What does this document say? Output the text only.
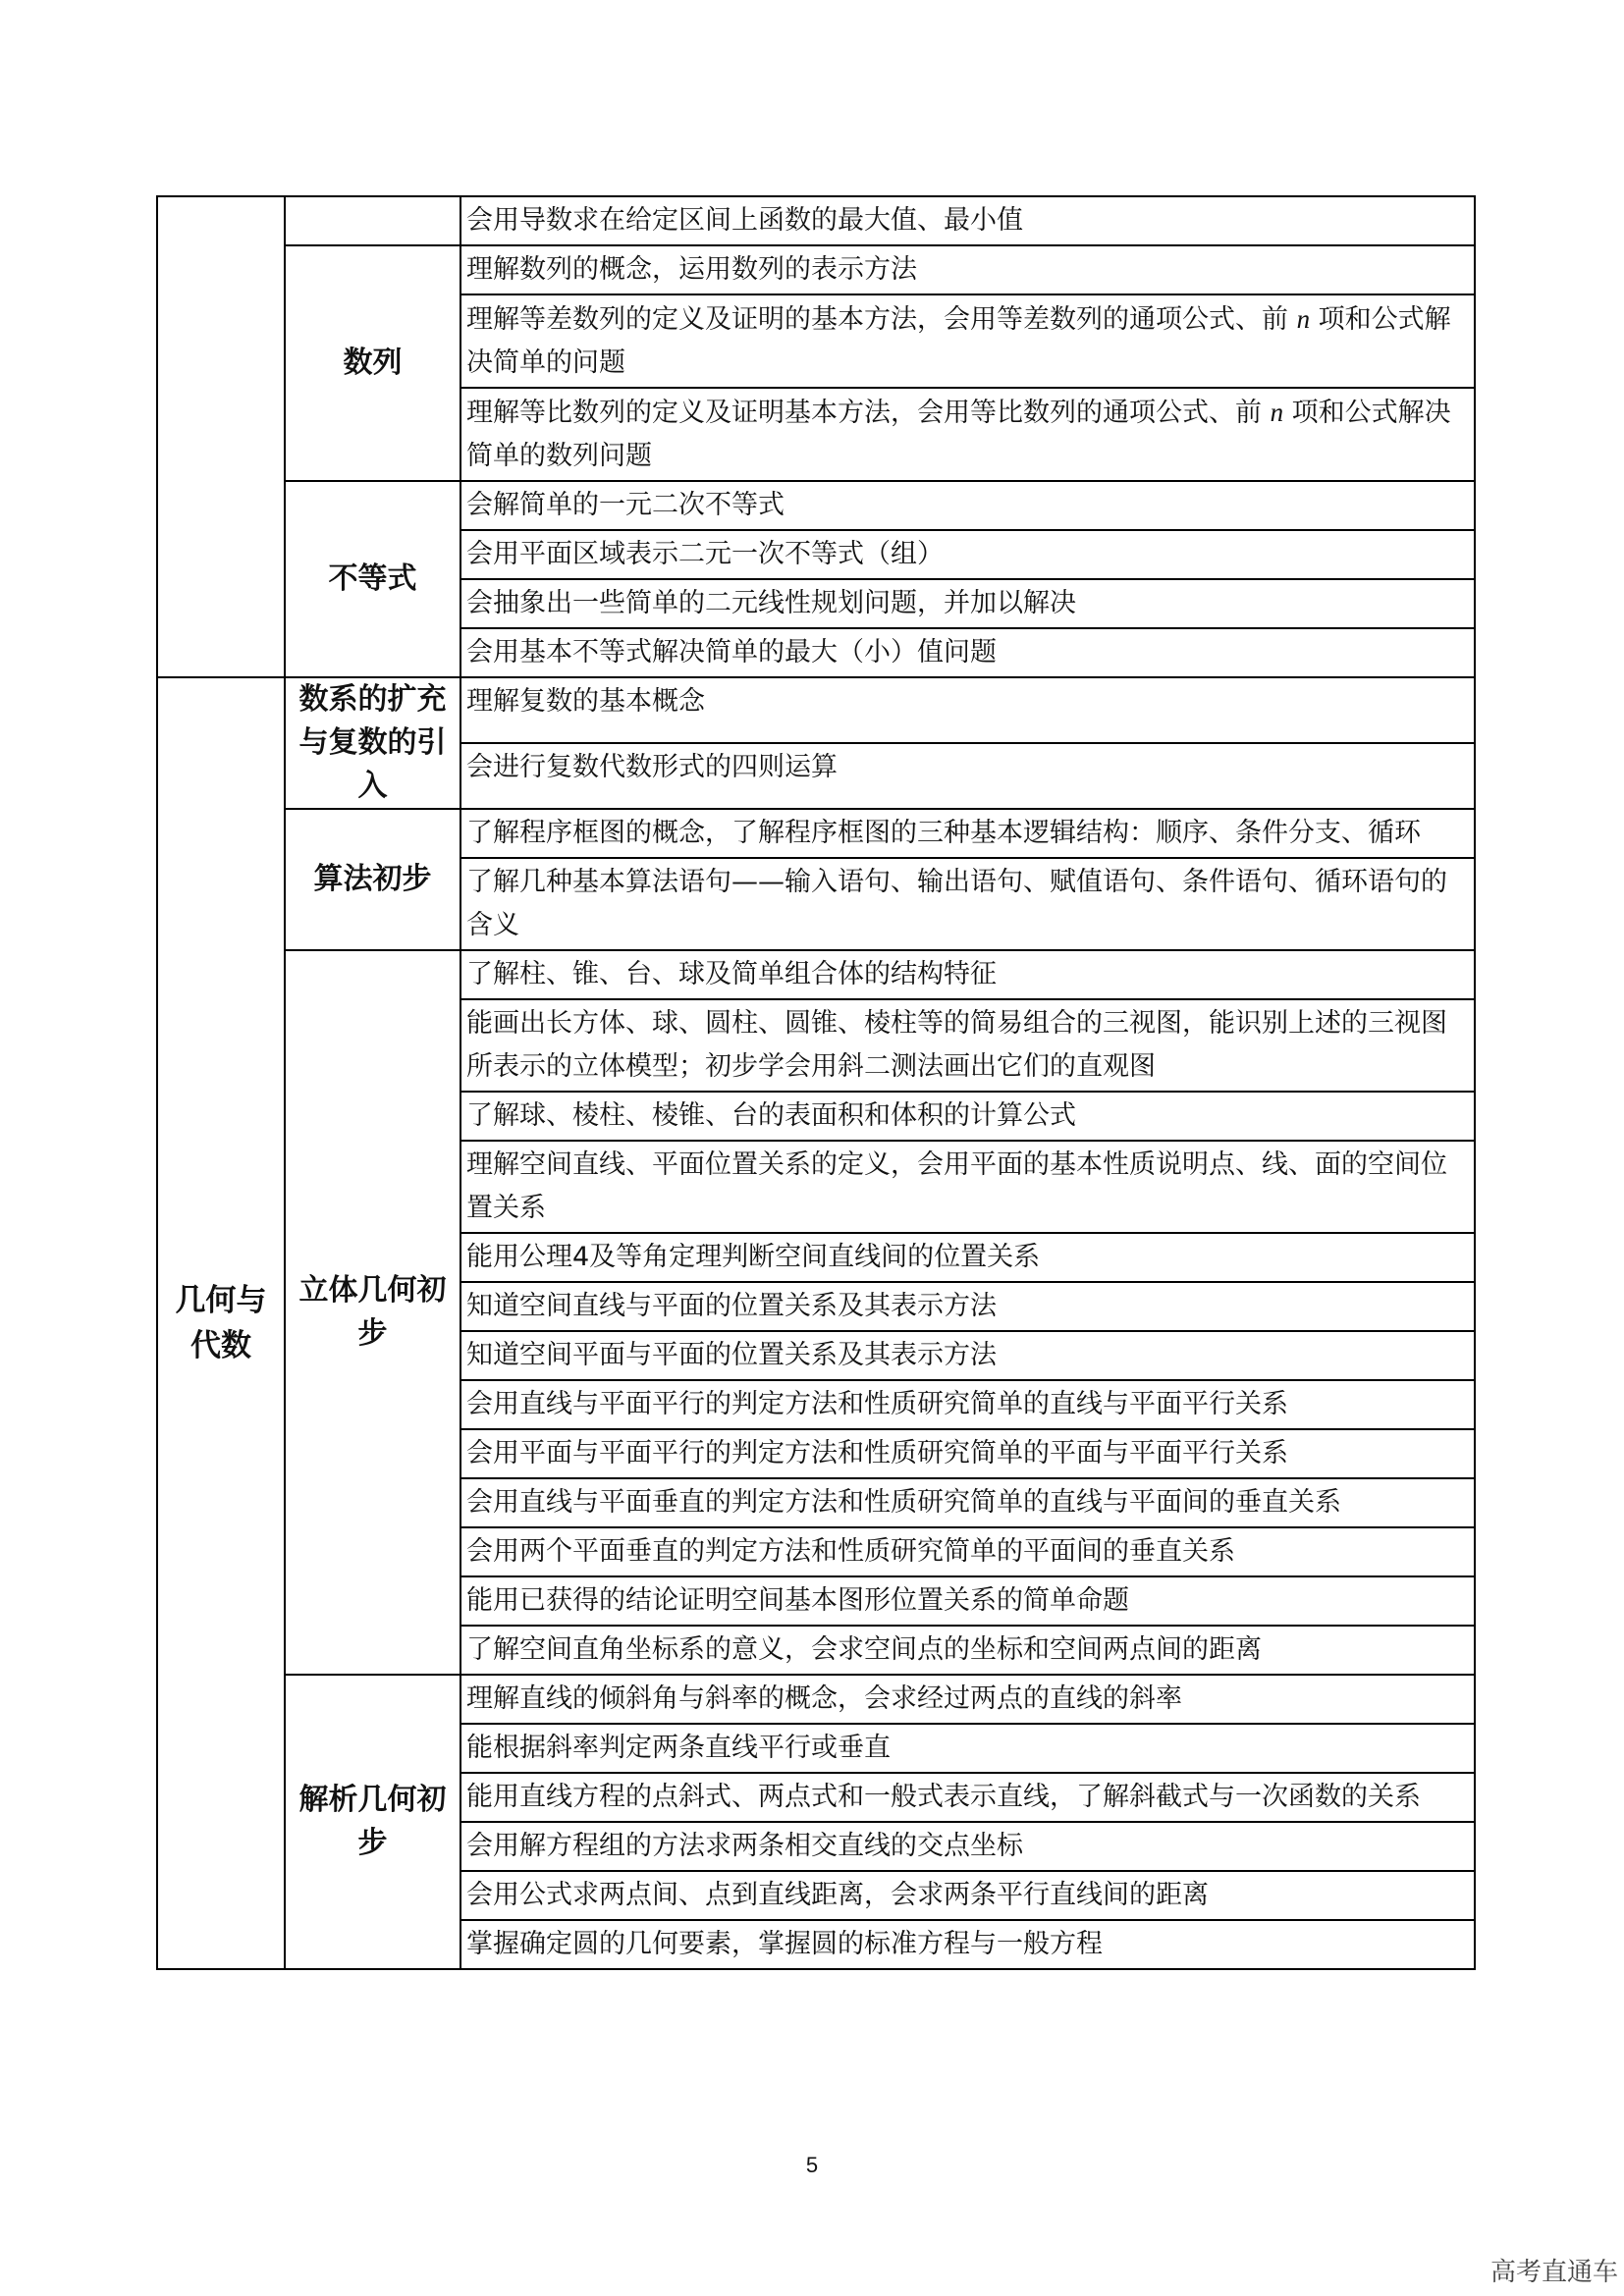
		会用导数求在给定区间上函数的最大值、最小值
	数列	理解数列的概念，运用数列的表示方法
		理解等差数列的定义及证明的基本方法，会用等差数列的通项公式、前 n 项和公式解决简单的问题
		理解等比数列的定义及证明基本方法，会用等比数列的通项公式、前 n 项和公式解决简单的数列问题
	不等式	会解简单的一元二次不等式
		会用平面区域表示二元一次不等式（组）
		会抽象出一些简单的二元线性规划问题，并加以解决
		会用基本不等式解决简单的最大（小）值问题
几何与代数	数系的扩充与复数的引入	理解复数的基本概念
		会进行复数代数形式的四则运算
	算法初步	了解程序框图的概念，了解程序框图的三种基本逻辑结构：顺序、条件分支、循环
		了解几种基本算法语句——输入语句、输出语句、赋值语句、条件语句、循环语句的含义
	立体几何初步	了解柱、锥、台、球及简单组合体的结构特征
		能画出长方体、球、圆柱、圆锥、棱柱等的简易组合的三视图，能识别上述的三视图所表示的立体模型；初步学会用斜二测法画出它们的直观图
		了解球、棱柱、棱锥、台的表面积和体积的计算公式
		理解空间直线、平面位置关系的定义，会用平面的基本性质说明点、线、面的空间位置关系
		能用公理4及等角定理判断空间直线间的位置关系
		知道空间直线与平面的位置关系及其表示方法
		知道空间平面与平面的位置关系及其表示方法
		会用直线与平面平行的判定方法和性质研究简单的直线与平面平行关系
		会用平面与平面平行的判定方法和性质研究简单的平面与平面平行关系
		会用直线与平面垂直的判定方法和性质研究简单的直线与平面间的垂直关系
		会用两个平面垂直的判定方法和性质研究简单的平面间的垂直关系
		能用已获得的结论证明空间基本图形位置关系的简单命题
		了解空间直角坐标系的意义，会求空间点的坐标和空间两点间的距离
	解析几何初步	理解直线的倾斜角与斜率的概念，会求经过两点的直线的斜率
		能根据斜率判定两条直线平行或垂直
		能用直线方程的点斜式、两点式和一般式表示直线，了解斜截式与一次函数的关系
		会用解方程组的方法求两条相交直线的交点坐标
		会用公式求两点间、点到直线距离，会求两条平行直线间的距离
		掌握确定圆的几何要素，掌握圆的标准方程与一般方程
5
高考直通车
